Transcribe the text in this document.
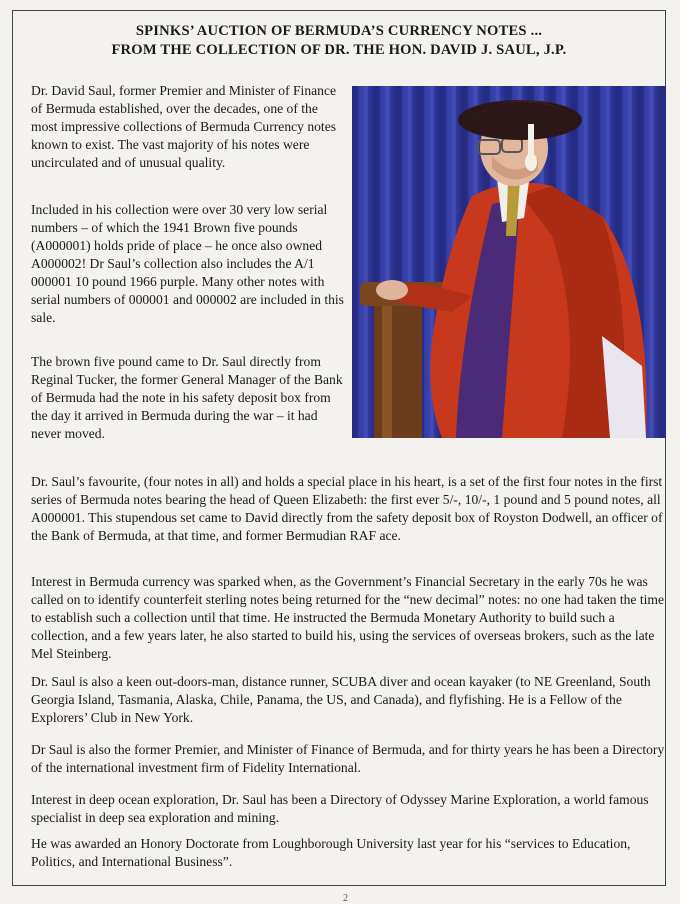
SPINKS’ AUCTION OF BERMUDA’S CURRENCY NOTES ...
FROM THE COLLECTION OF DR. THE HON. DAVID J. SAUL, J.P.

Dr. David Saul, former Premier and Minister of Finance of Bermuda established, over the decades, one of the most impressive collections of Bermuda Currency notes known to exist. The vast majority of his notes were uncirculated and of unusual quality.

Included in his collection were over 30 very low serial numbers – of which the 1941 Brown five pounds (A000001) holds pride of place – he once also owned A000002! Dr Saul’s collection also includes the A/1 000001 10 pound 1966 purple. Many other notes with serial numbers of 000001 and 000002 are included in this sale.

The brown five pound came to Dr. Saul directly from Reginal Tucker, the former General Manager of the Bank of Bermuda had the note in his safety deposit box from the day it arrived in Bermuda during the war – it had never moved.

Dr. Saul’s favourite, (four notes in all) and holds a special place in his heart, is a set of the first four notes in the first series of Bermuda notes bearing the head of Queen Elizabeth: the first ever 5/-, 10/-, 1 pound and 5 pound notes, all A000001. This stupendous set came to David directly from the safety deposit box of Royston Dodwell, an officer of the Bank of Bermuda, at that time, and former Bermudian RAF ace.

Interest in Bermuda currency was sparked when, as the Government’s Financial Secretary in the early 70s he was called on to identify counterfeit sterling notes being returned for the “new decimal” notes: no one had taken the time to establish such a collection until that time. He instructed the Bermuda Monetary Authority to build such a collection, and a few years later, he also started to build his, using the services of overseas brokers, such as the late Mel Steinberg.

Dr. Saul is also a keen out-doors-man, distance runner, SCUBA diver and ocean kayaker (to NE Greenland, South Georgia Island, Tasmania, Alaska, Chile, Panama, the US, and Canada), and flyfishing. He is a Fellow of the Explorers’ Club in New York.

Dr Saul is also the former Premier, and Minister of Finance of Bermuda, and for thirty years he has been a Directory of the international investment firm of Fidelity International.

Interest in deep ocean exploration, Dr. Saul has been a Directory of Odyssey Marine Exploration, a world famous specialist in deep sea exploration and mining.

He was awarded an Honory Doctorate from Loughborough University last year for his “services to Education, Politics, and International Business”.

2
